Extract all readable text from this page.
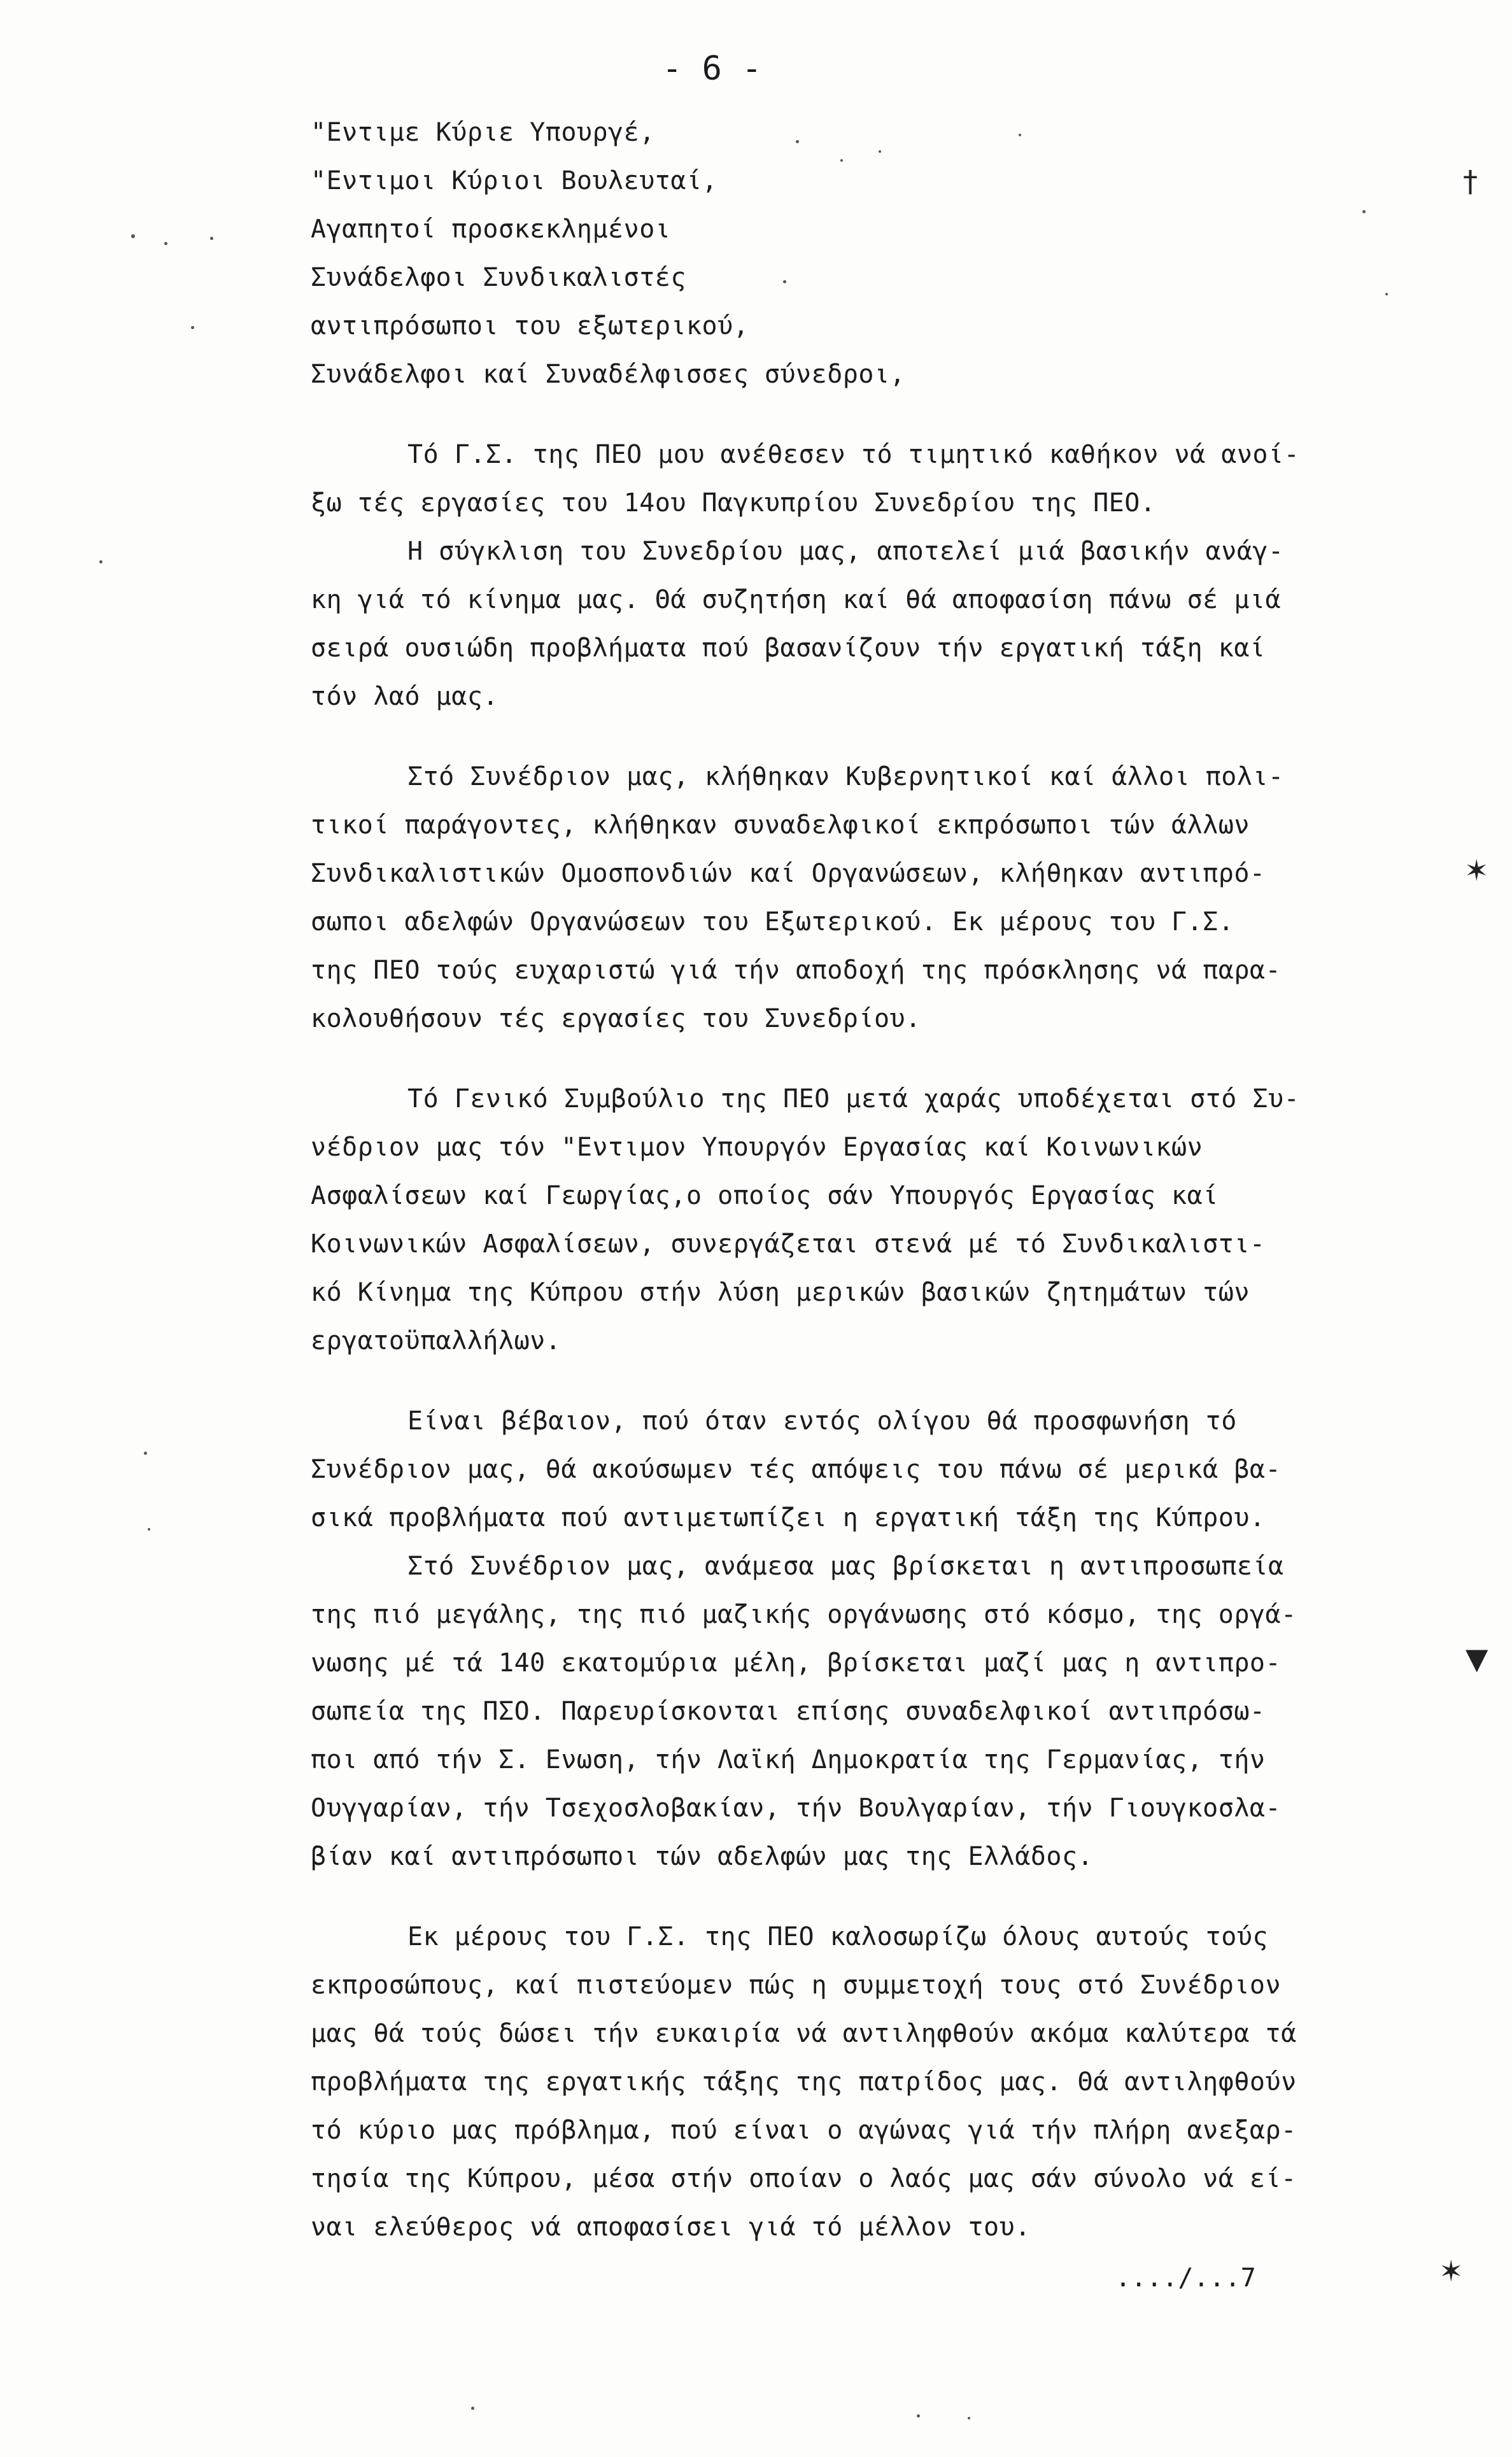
- 6 -
"Εντιμε Κύριε Υπουργέ,
"Εντιμοι Κύριοι Βουλευταί,
Αγαπητοί προσκεκλημένοι
Συνάδελφοι Συνδικαλιστές
αντιπρόσωποι του εξωτερικού,
Συνάδελφοι καί Συναδέλφισσες σύνεδροι,
Τό Γ.Σ. της ΠΕΟ μου ανέθεσεν τό τιμητικό καθήκον νά ανοί-
ξω τές εργασίες του 14ου Παγκυπρίου Συνεδρίου της ΠΕΟ.
Η σύγκλιση του Συνεδρίου μας, αποτελεί μιά βασικήν ανάγ-
κη γιά τό κίνημα μας. Θά συζητήση καί θά αποφασίση πάνω σέ μιά
σειρά ουσιώδη προβλήματα πού βασανίζουν τήν εργατική τάξη καί
τόν λαό μας.
Στό Συνέδριον μας, κλήθηκαν Κυβερνητικοί καί άλλοι πολι-
τικοί παράγοντες, κλήθηκαν συναδελφικοί εκπρόσωποι τών άλλων
Συνδικαλιστικών Ομοσπονδιών καί Οργανώσεων, κλήθηκαν αντιπρό-
σωποι αδελφών Οργανώσεων του Εξωτερικού. Εκ μέρους του Γ.Σ.
της ΠΕΟ τούς ευχαριστώ γιά τήν αποδοχή της πρόσκλησης νά παρα-
κολουθήσουν τές εργασίες του Συνεδρίου.
Τό Γενικό Συμβούλιο της ΠΕΟ μετά χαράς υποδέχεται στό Συ-
νέδριον μας τόν "Εντιμον Υπουργόν Εργασίας καί Κοινωνικών
Ασφαλίσεων καί Γεωργίας,ο οποίος σάν Υπουργός Εργασίας καί
Κοινωνικών Ασφαλίσεων, συνεργάζεται στενά μέ τό Συνδικαλιστι-
κό Κίνημα της Κύπρου στήν λύση μερικών βασικών ζητημάτων τών
εργατοϋπαλλήλων.
Είναι βέβαιον, πού όταν εντός ολίγου θά προσφωνήση τό
Συνέδριον μας, θά ακούσωμεν τές απόψεις του πάνω σέ μερικά βα-
σικά προβλήματα πού αντιμετωπίζει η εργατική τάξη της Κύπρου.
Στό Συνέδριον μας, ανάμεσα μας βρίσκεται η αντιπροσωπεία
της πιό μεγάλης, της πιό μαζικής οργάνωσης στό κόσμο, της οργά-
νωσης μέ τά 140 εκατομύρια μέλη, βρίσκεται μαζί μας η αντιπρο-
σωπεία της ΠΣΟ. Παρευρίσκονται επίσης συναδελφικοί αντιπρόσω-
ποι από τήν Σ. Ενωση, τήν Λαϊκή Δημοκρατία της Γερμανίας, τήν
Ουγγαρίαν, τήν Τσεχοσλοβακίαν, τήν Βουλγαρίαν, τήν Γιουγκοσλα-
βίαν καί αντιπρόσωποι τών αδελφών μας της Ελλάδος.
Εκ μέρους του Γ.Σ. της ΠΕΟ καλοσωρίζω όλους αυτούς τούς
εκπροσώπους, καί πιστεύομεν πώς η συμμετοχή τους στό Συνέδριον
μας θά τούς δώσει τήν ευκαιρία νά αντιληφθούν ακόμα καλύτερα τά
προβλήματα της εργατικής τάξης της πατρίδος μας. Θά αντιληφθούν
τό κύριο μας πρόβλημα, πού είναι ο αγώνας γιά τήν πλήρη ανεξαρ-
τησία της Κύπρου, μέσα στήν οποίαν ο λαός μας σάν σύνολο νά εί-
ναι ελεύθερος νά αποφασίσει γιά τό μέλλον του.
..../...7
†
✶
▼
✶
